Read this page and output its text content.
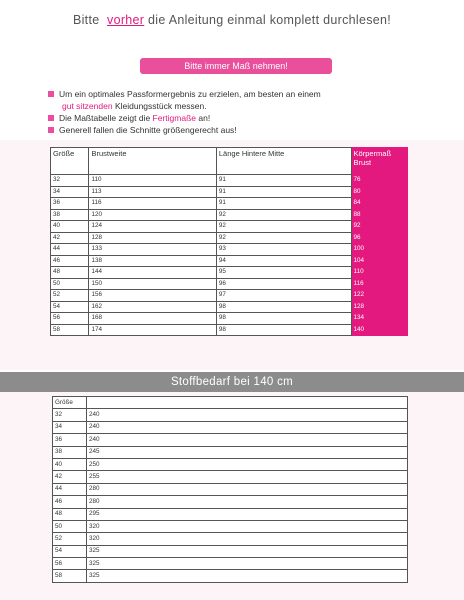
Bitte  vorher die Anleitung einmal komplett durchlesen!
Bitte immer Maß nehmen!
Um ein optimales Passformergebnis zu erzielen, am besten an einem
gut sitzenden Kleidungsstück messen.
Die Maßtabelle zeigt die Fertigmaße an!
Generell fallen die Schnitte größengerecht aus!
Größe	Brustweite	Länge Hintere Mitte	Körpermaß Brust
32	110	91	76
34	113	91	80
36	116	91	84
38	120	92	88
40	124	92	92
42	128	92	96
44	133	93	100
46	138	94	104
48	144	95	110
50	150	96	116
52	156	97	122
54	162	98	128
56	168	98	134
58	174	98	140
Stoffbedarf bei 140 cm
Größe	
32	240
34	240
36	240
38	245
40	250
42	255
44	280
46	280
48	295
50	320
52	320
54	325
56	325
58	325
